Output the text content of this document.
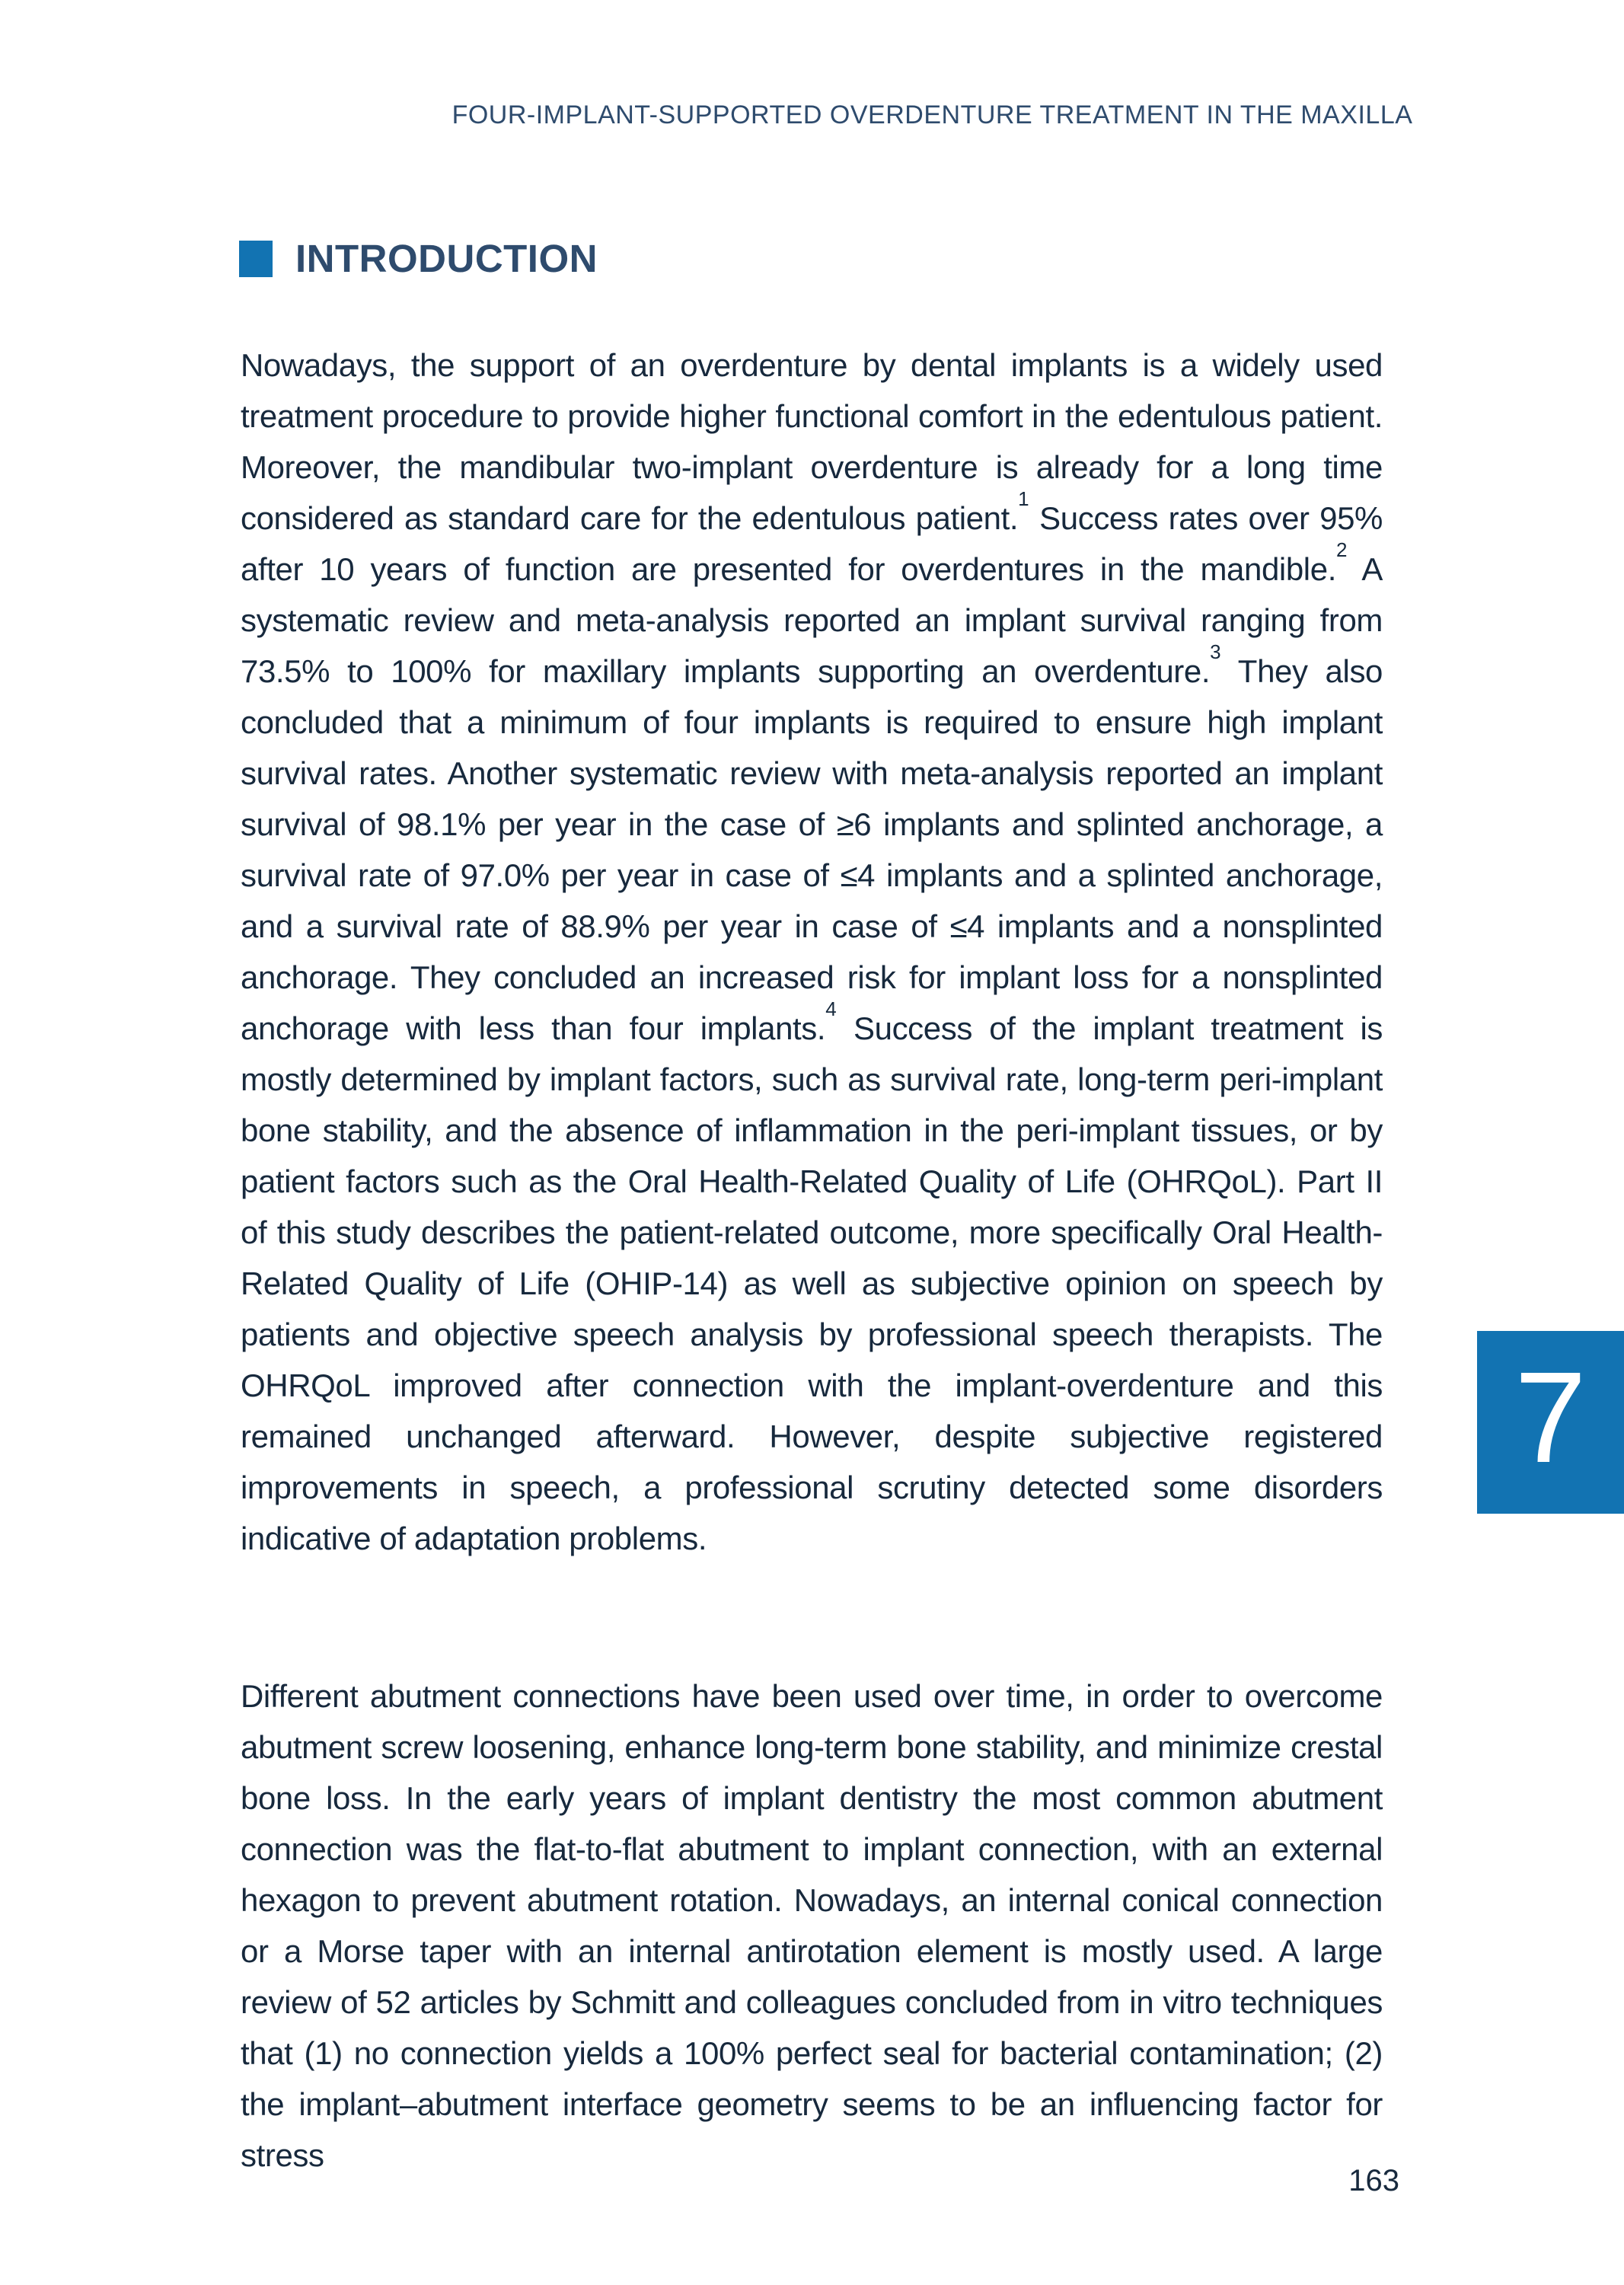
FOUR-IMPLANT-SUPPORTED OVERDENTURE TREATMENT IN THE MAXILLA
INTRODUCTION

Nowadays, the support of an overdenture by dental implants is a widely used treatment procedure to provide higher functional comfort in the edentulous patient. Moreover, the mandibular two-implant overdenture is already for a long time considered as standard care for the edentulous patient.$^1$ Success rates over 95% after 10 years of function are presented for overdentures in the mandible.$^2$ A systematic review and meta-analysis reported an implant survival ranging from 73.5% to 100% for maxillary implants supporting an overdenture.$^3$ They also concluded that a minimum of four implants is required to ensure high implant survival rates. Another systematic review with meta-analysis reported an implant survival of 98.1% per year in the case of ≥6 implants and splinted anchorage, a survival rate of 97.0% per year in case of ≤4 implants and a splinted anchorage, and a survival rate of 88.9% per year in case of ≤4 implants and a nonsplinted anchorage. They concluded an increased risk for implant loss for a nonsplinted anchorage with less than four implants.$^4$ Success of the implant treatment is mostly determined by implant factors, such as survival rate, long-term peri-implant bone stability, and the absence of inflammation in the peri-implant tissues, or by patient factors such as the Oral Health-Related Quality of Life (OHRQoL). Part II of this study describes the patient-related outcome, more specifically Oral Health-Related Quality of Life (OHIP-14) as well as subjective opinion on speech by patients and objective speech analysis by professional speech therapists. The OHRQoL improved after connection with the implant-overdenture and this remained unchanged afterward. However, despite subjective registered improvements in speech, a professional scrutiny detected some disorders indicative of adaptation problems.

Different abutment connections have been used over time, in order to overcome abutment screw loosening, enhance long-term bone stability, and minimize crestal bone loss. In the early years of implant dentistry the most common abutment connection was the flat-to-flat abutment to implant connection, with an external hexagon to prevent abutment rotation. Nowadays, an internal conical connection or a Morse taper with an internal antirotation element is mostly used. A large review of 52 articles by Schmitt and colleagues concluded from in vitro techniques that (1) no connection yields a 100% perfect seal for bacterial contamination; (2) the implant–abutment interface geometry seems to be an influencing factor for stress

7
163
